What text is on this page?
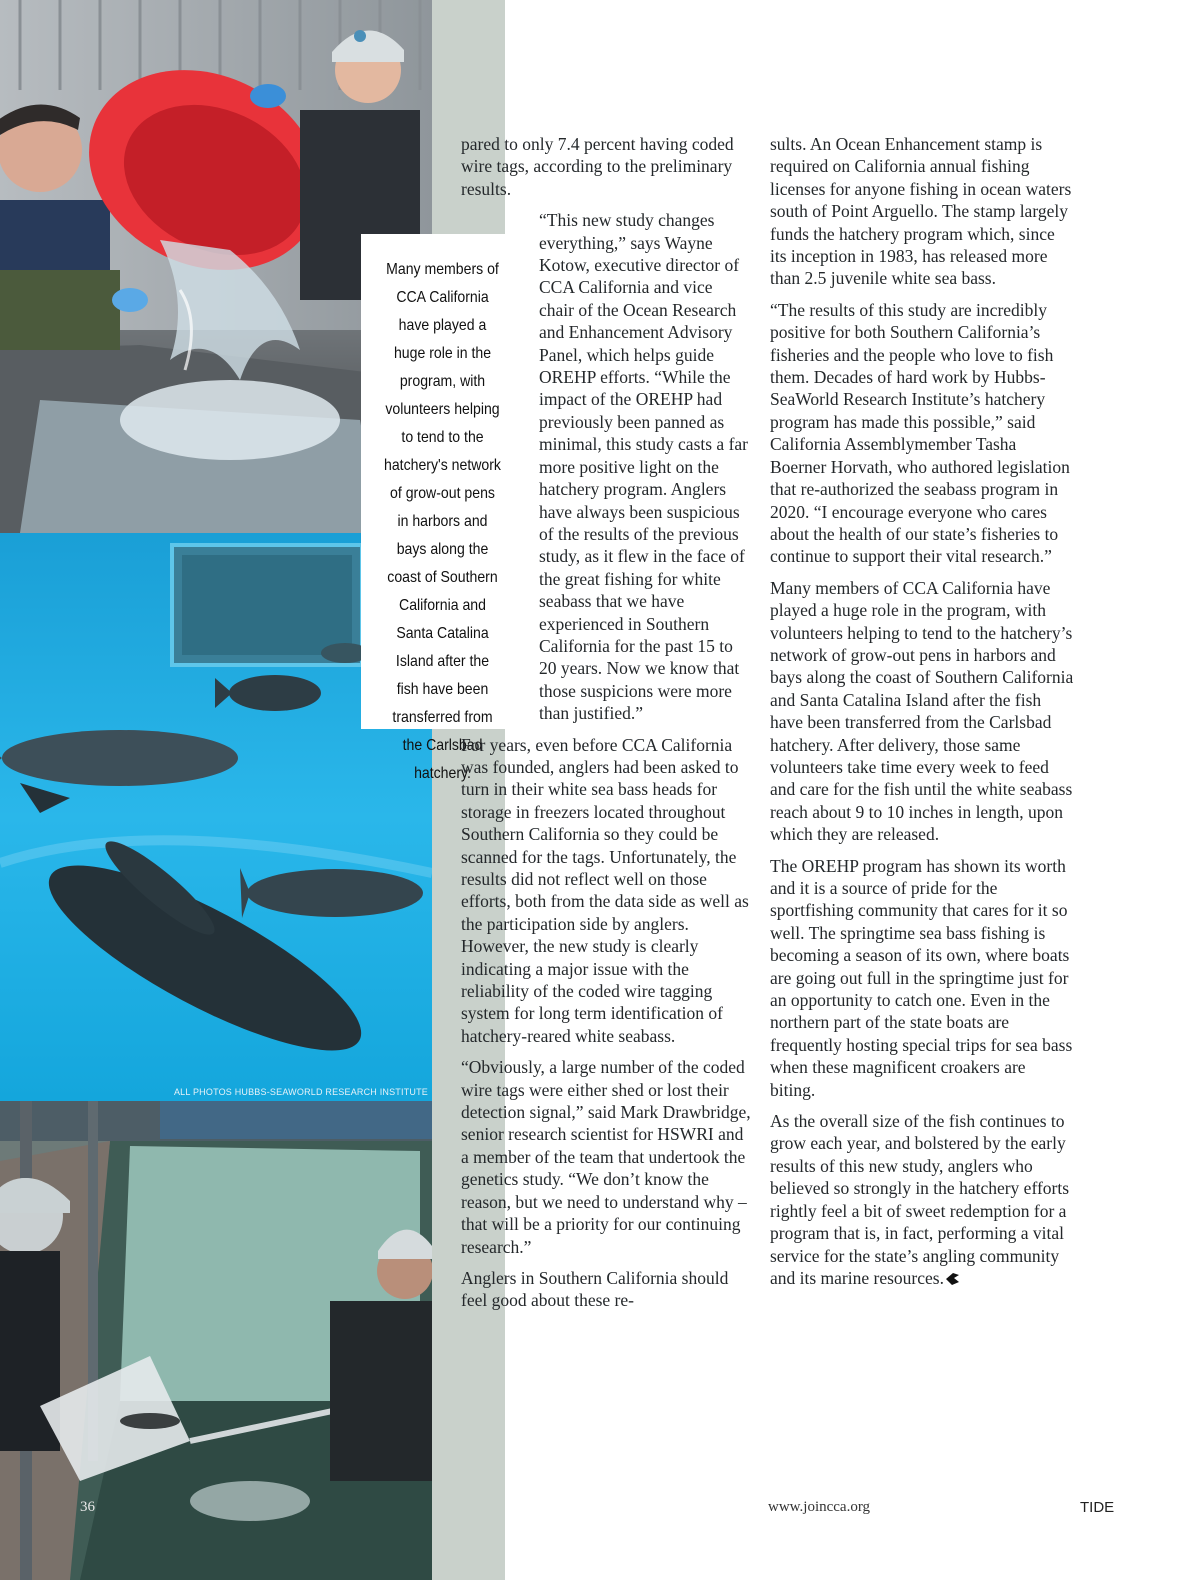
ALL PHOTOS HUBBS-SEAWORLD RESEARCH INSTITUTE

Many members of CCA California have played a huge role in the program, with volunteers helping to tend to the hatchery's network of grow-out pens in harbors and bays along the coast of Southern California and Santa Catalina Island after the fish have been transferred from the Carlsbad hatchery.

pared to only 7.4 percent having coded wire tags, according to the preliminary results.

“This new study changes everything,” says Wayne Kotow, executive director of CCA California and vice chair of the Ocean Research and Enhancement Advisory Panel, which helps guide OREHP efforts. “While the impact of the OREHP had previously been panned as minimal, this study casts a far more positive light on the hatchery program. Anglers have always been suspicious of the results of the previous study, as it flew in the face of the great fishing for white seabass that we have experienced in Southern California for the past 15 to 20 years. Now we know that those suspicions were more than justified.”

For years, even before CCA California was founded, anglers had been asked to turn in their white sea bass heads for storage in freezers located throughout Southern California so they could be scanned for the tags. Unfortunately, the results did not reflect well on those efforts, both from the data side as well as the participation side by anglers. However, the new study is clearly indicating a major issue with the reliability of the coded wire tagging system for long term identification of hatchery-reared white seabass.

“Obviously, a large number of the coded wire tags were either shed or lost their detection signal,” said Mark Drawbridge, senior research scientist for HSWRI and a member of the team that undertook the genetics study. “We don’t know the reason, but we need to understand why – that will be a priority for our continuing research.”

Anglers in Southern California should feel good about these re-

sults. An Ocean Enhancement stamp is required on California annual fishing licenses for anyone fishing in ocean waters south of Point Arguello. The stamp largely funds the hatchery program which, since its inception in 1983, has released more than 2.5 juvenile white sea bass.

“The results of this study are incredibly positive for both Southern California’s fisheries and the people who love to fish them. Decades of hard work by Hubbs-SeaWorld Research Institute’s hatchery program has made this possible,” said California Assemblymember Tasha Boerner Horvath, who authored legislation that re-authorized the seabass program in 2020. “I encourage everyone who cares about the health of our state’s fisheries to continue to support their vital research.”

Many members of CCA California have played a huge role in the program, with volunteers helping to tend to the hatchery’s network of grow-out pens in harbors and bays along the coast of Southern California and Santa Catalina Island after the fish have been transferred from the Carlsbad hatchery. After delivery, those same volunteers take time every week to feed and care for the fish until the white seabass reach about 9 to 10 inches in length, upon which they are released.

The OREHP program has shown its worth and it is a source of pride for the sportfishing community that cares for it so well. The springtime sea bass fishing is becoming a season of its own, where boats are going out full in the springtime just for an opportunity to catch one. Even in the northern part of the state boats are frequently hosting special trips for sea bass when these magnificent croakers are biting.

As the overall size of the fish continues to grow each year, and bolstered by the early results of this new study, anglers who believed so strongly in the hatchery efforts rightly feel a bit of sweet redemption for a program that is, in fact, performing a vital service for the state’s angling community and its marine resources.

36	www.joincca.org	TIDE
